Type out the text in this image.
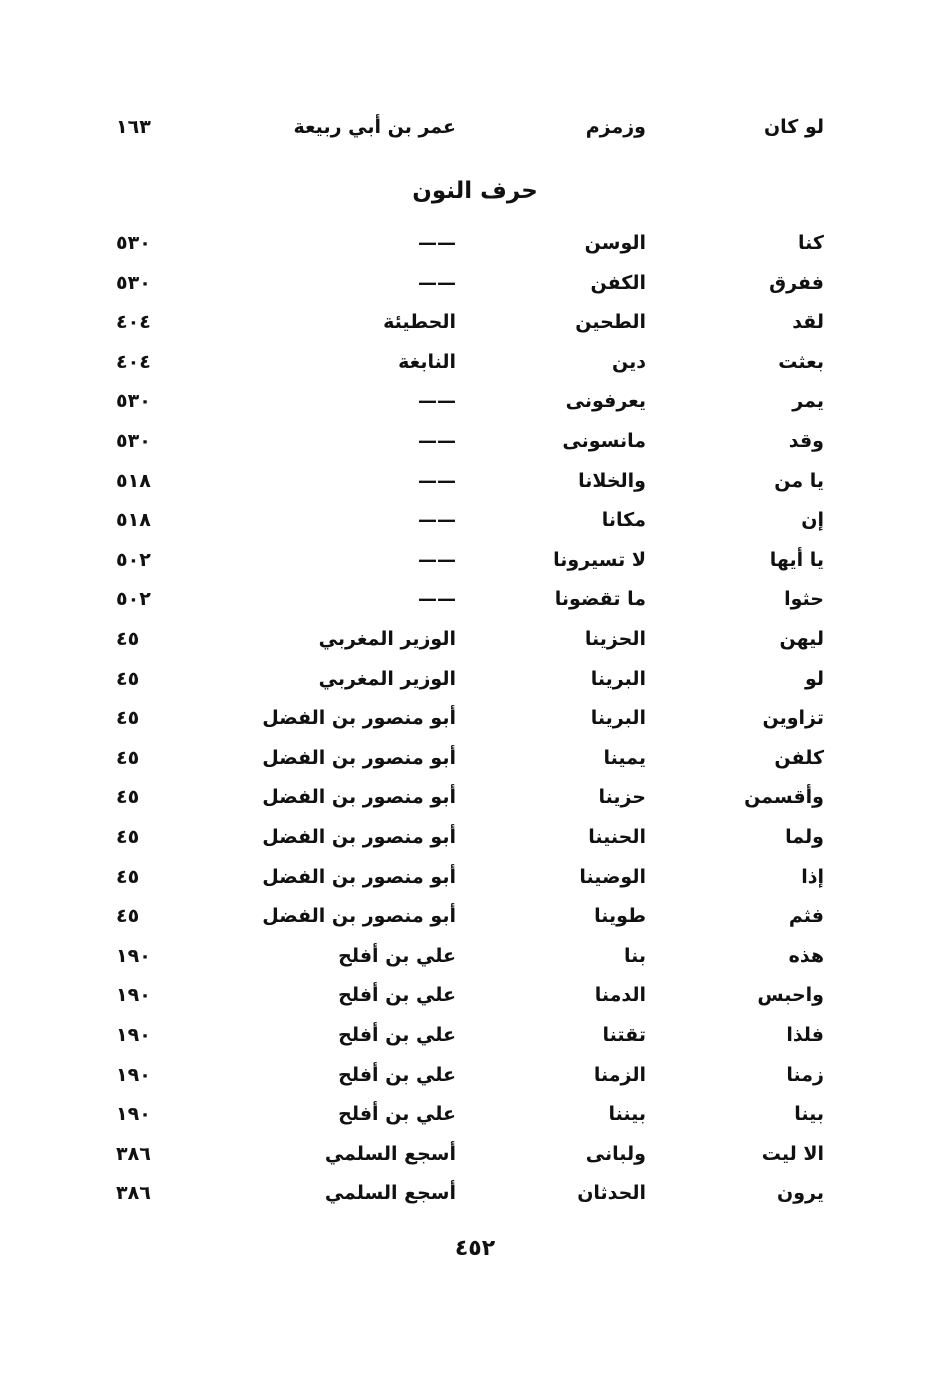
لو كان
وزمزم
عمر بن أبي ربيعة
١٦٣
حرف النون
كنا
الوسن
——
٥٣٠
ففرق
الكفن
——
٥٣٠
لقد
الطحين
الحطيئة
٤٠٤
بعثت
دين
النابغة
٤٠٤
يمر
يعرفونى
——
٥٣٠
وقد
مانسونى
——
٥٣٠
يا من
والخلانا
——
٥١٨
إن
مكانا
——
٥١٨
يا أيها
لا تسيرونا
——
٥٠٢
حثوا
ما تقضونا
——
٥٠٢
ليهن
الحزينا
الوزير المغربي
٤٥
لو
البرينا
الوزير المغربي
٤٥
تزاوين
البرينا
أبو منصور بن الفضل
٤٥
كلفن
يمينا
أبو منصور بن الفضل
٤٥
وأقسمن
حزينا
أبو منصور بن الفضل
٤٥
ولما
الحنينا
أبو منصور بن الفضل
٤٥
إذا
الوضينا
أبو منصور بن الفضل
٤٥
فثم
طوينا
أبو منصور بن الفضل
٤٥
هذه
بنا
علي بن أفلح
١٩٠
واحبس
الدمنا
علي بن أفلح
١٩٠
فلذا
تقتنا
علي بن أفلح
١٩٠
زمنا
الزمنا
علي بن أفلح
١٩٠
بينا
بيننا
علي بن أفلح
١٩٠
الا ليت
ولبانى
أسجع السلمي
٣٨٦
يرون
الحدثان
أسجع السلمي
٣٨٦
٤٥٢
